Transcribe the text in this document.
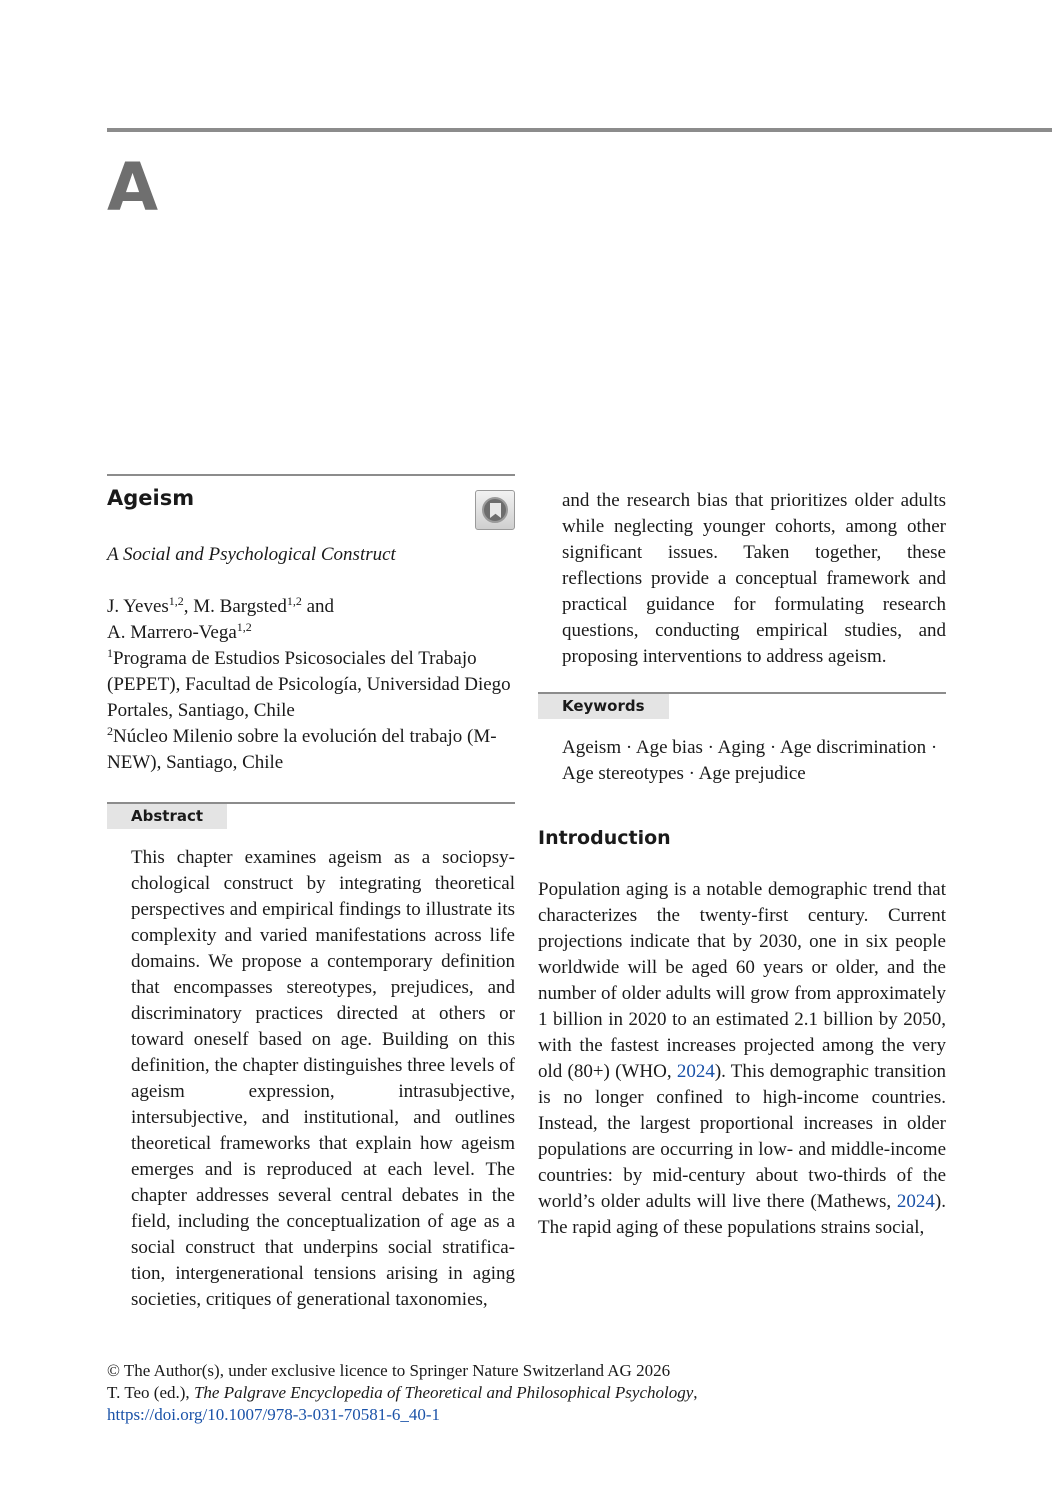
A
Ageism
A Social and Psychological Construct
J. Yeves$^{1,2}$, M. Bargsted$^{1,2}$ and
A. Marrero-Vega$^{1,2}$
$^1$Programa de Estudios Psicosociales del Trabajo (PEPET), Facultad de Psicología, Universidad Diego Portales, Santiago, Chile
$^2$Núcleo Milenio sobre la evolución del trabajo (M-NEW), Santiago, Chile
Abstract
This chapter examines ageism as a sociopsychological construct by integrating theoretical perspectives and empirical findings to illustrate its complexity and varied manifestations across life domains. We propose a contemporary definition that encompasses stereotypes, prejudices, and discriminatory practices directed at others or toward oneself based on age. Building on this definition, the chapter distinguishes three levels of ageism expression, intrasubjective, intersubjective, and institutional, and outlines theoretical frameworks that explain how ageism emerges and is reproduced at each level. The chapter addresses several central debates in the field, including the conceptualization of age as a social construct that underpins social stratification, intergenerational tensions arising in aging societies, critiques of generational taxonomies,
and the research bias that prioritizes older adults while neglecting younger cohorts, among other significant issues. Taken together, these reflections provide a conceptual framework and practical guidance for formulating research questions, conducting empirical studies, and proposing interventions to address ageism.
Keywords
Ageism · Age bias · Aging · Age discrimination · Age stereotypes · Age prejudice
Introduction
Population aging is a notable demographic trend that characterizes the twenty-first century. Current projections indicate that by 2030, one in six people worldwide will be aged 60 years or older, and the number of older adults will grow from approximately 1 billion in 2020 to an estimated 2.1 billion by 2050, with the fastest increases projected among the very old (80+) (WHO, 2024). This demographic transition is no longer confined to high-income countries. Instead, the largest proportional increases in older populations are occurring in low- and middle-income countries: by mid-century about two-thirds of the world’s older adults will live there (Mathews, 2024). The rapid aging of these populations strains social,
© The Author(s), under exclusive licence to Springer Nature Switzerland AG 2026
T. Teo (ed.), The Palgrave Encyclopedia of Theoretical and Philosophical Psychology,
https://doi.org/10.1007/978-3-031-70581-6_40-1
